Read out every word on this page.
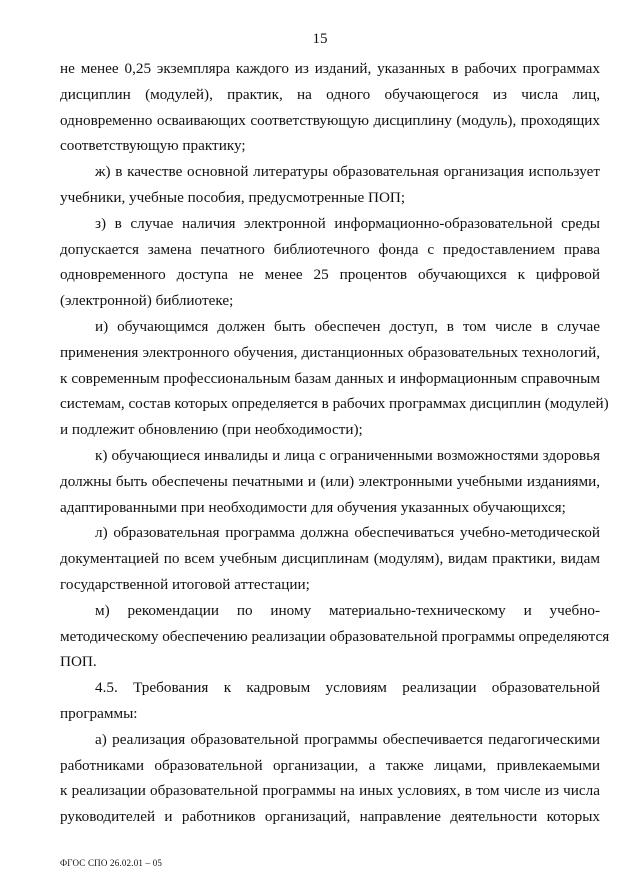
15
не менее 0,25 экземпляра каждого из изданий, указанных в рабочих программах
дисциплин (модулей), практик, на одного обучающегося из числа лиц,
одновременно осваивающих соответствующую дисциплину (модуль), проходящих
соответствующую практику;
ж) в качестве основной литературы образовательная организация использует
учебники, учебные пособия, предусмотренные ПОП;
з) в случае наличия электронной информационно-образовательной среды
допускается замена печатного библиотечного фонда с предоставлением права
одновременного доступа не менее 25 процентов обучающихся к цифровой
(электронной) библиотеке;
и) обучающимся должен быть обеспечен доступ, в том числе в случае
применения электронного обучения, дистанционных образовательных технологий,
к современным профессиональным базам данных и информационным справочным
системам, состав которых определяется в рабочих программах дисциплин (модулей)
и подлежит обновлению (при необходимости);
к) обучающиеся инвалиды и лица с ограниченными возможностями здоровья
должны быть обеспечены печатными и (или) электронными учебными изданиями,
адаптированными при необходимости для обучения указанных обучающихся;
л) образовательная программа должна обеспечиваться учебно-методической
документацией по всем учебным дисциплинам (модулям), видам практики, видам
государственной итоговой аттестации;
м) рекомендации по иному материально-техническому и учебно-
методическому обеспечению реализации образовательной программы определяются
ПОП.
4.5. Требования к кадровым условиям реализации образовательной
программы:
а) реализация образовательной программы обеспечивается педагогическими
работниками образовательной организации, а также лицами, привлекаемыми
к реализации образовательной программы на иных условиях, в том числе из числа
руководителей и работников организаций, направление деятельности которых
ФГОС СПО 26.02.01 – 05
